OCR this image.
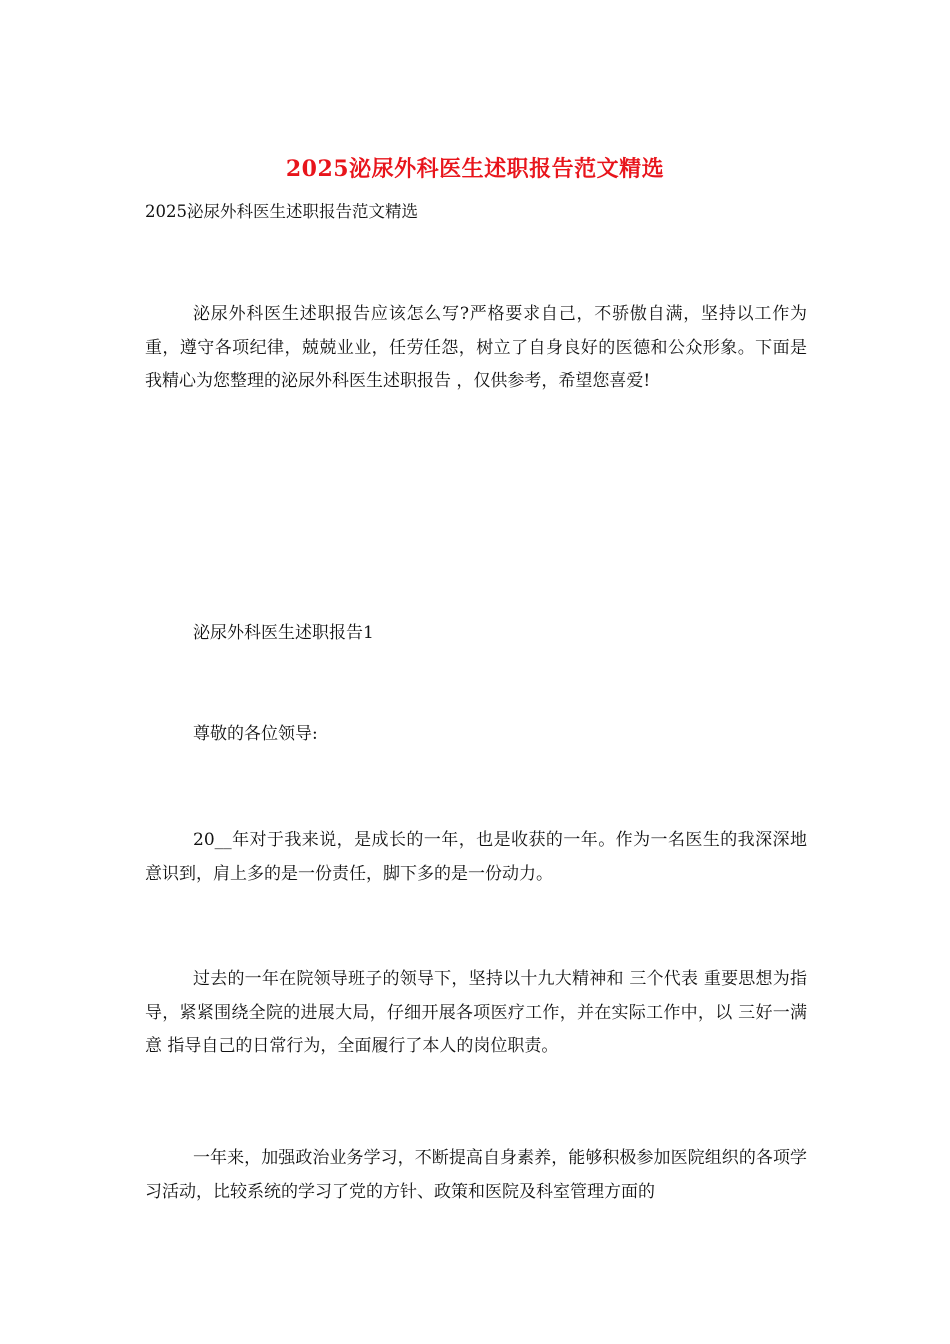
2025泌尿外科医生述职报告范文精选
2025泌尿外科医生述职报告范文精选

泌尿外科医生述职报告应该怎么写?严格要求自己，不骄傲自满，坚持以工作为重，遵守各项纪律，兢兢业业，任劳任怨，树立了自身良好的医德和公众形象。下面是我精心为您整理的泌尿外科医生述职报告 ，仅供参考，希望您喜爱!

泌尿外科医生述职报告1

尊敬的各位领导:

20__年对于我来说，是成长的一年，也是收获的一年。作为一名医生的我深深地意识到，肩上多的是一份责任，脚下多的是一份动力。

过去的一年在院领导班子的领导下，坚持以十九大精神和 三个代表 重要思想为指导，紧紧围绕全院的进展大局，仔细开展各项医疗工作，并在实际工作中，以 三好一满意 指导自己的日常行为，全面履行了本人的岗位职责。

一年来，加强政治业务学习，不断提高自身素养，能够积极参加医院组织的各项学习活动，比较系统的学习了党的方针、政策和医院及科室管理方面的
